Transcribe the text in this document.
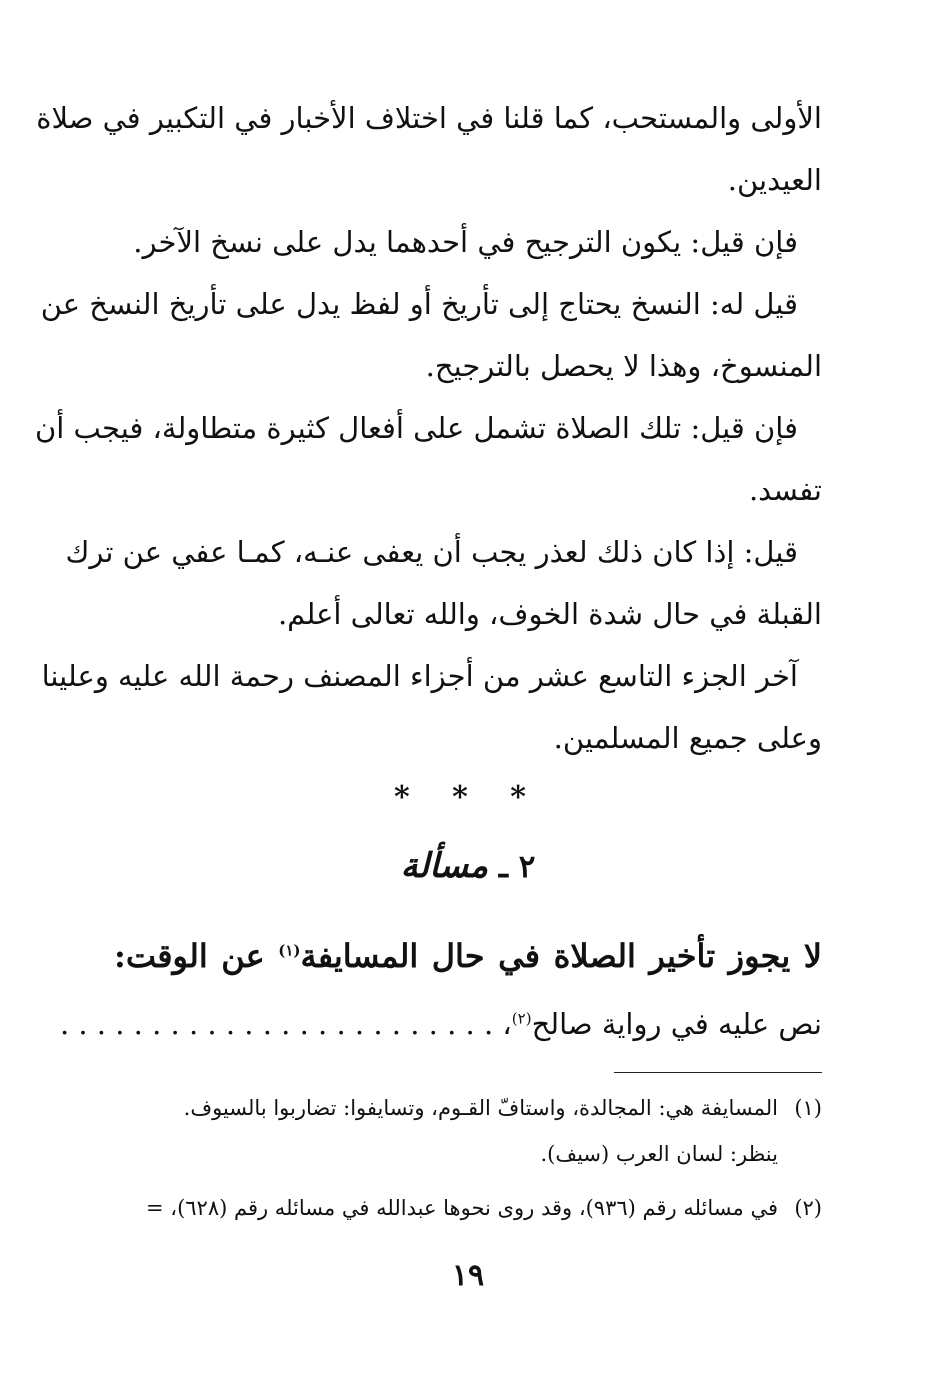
الأولى والمستحب، كما قلنا في اختلاف الأخبار في التكبير في صلاة
العيدين.
فإن قيل: يكون الترجيح في أحدهما يدل على نسخ الآخر.
قيل له: النسخ يحتاج إلى تأريخ أو لفظ يدل على تأريخ النسخ عن
المنسوخ، وهذا لا يحصل بالترجيح.
فإن قيل: تلك الصلاة تشمل على أفعال كثيرة متطاولة، فيجب أن
تفسد.
قيل: إذا كان ذلك لعذر يجب أن يعفى عنـه، كمـا عفي عن ترك
القبلة في حال شدة الخوف، والله تعالى أعلم.
آخر الجزء التاسع عشر من أجزاء المصنف رحمة الله عليه وعلينا
وعلى جميع المسلمين.
* * *
٢ ـ مسألة
لا يجوز تأخير الصلاة في حال المسايفة$^{(١)}$ عن الوقت:
نص عليه في رواية صالح$^{(٢)}$، . . . . . . . . . . . . . . . . . . . . . . . .
(١)المسايفة هي: المجالدة، واستافّ القـوم، وتسايفوا: تضاربوا بالسيوف.
ينظر: لسان العرب (سيف).
(٢)في مسائله رقم (٩٣٦)، وقد روى نحوها عبدالله في مسائله رقم (٦٢٨)، =
١٩
